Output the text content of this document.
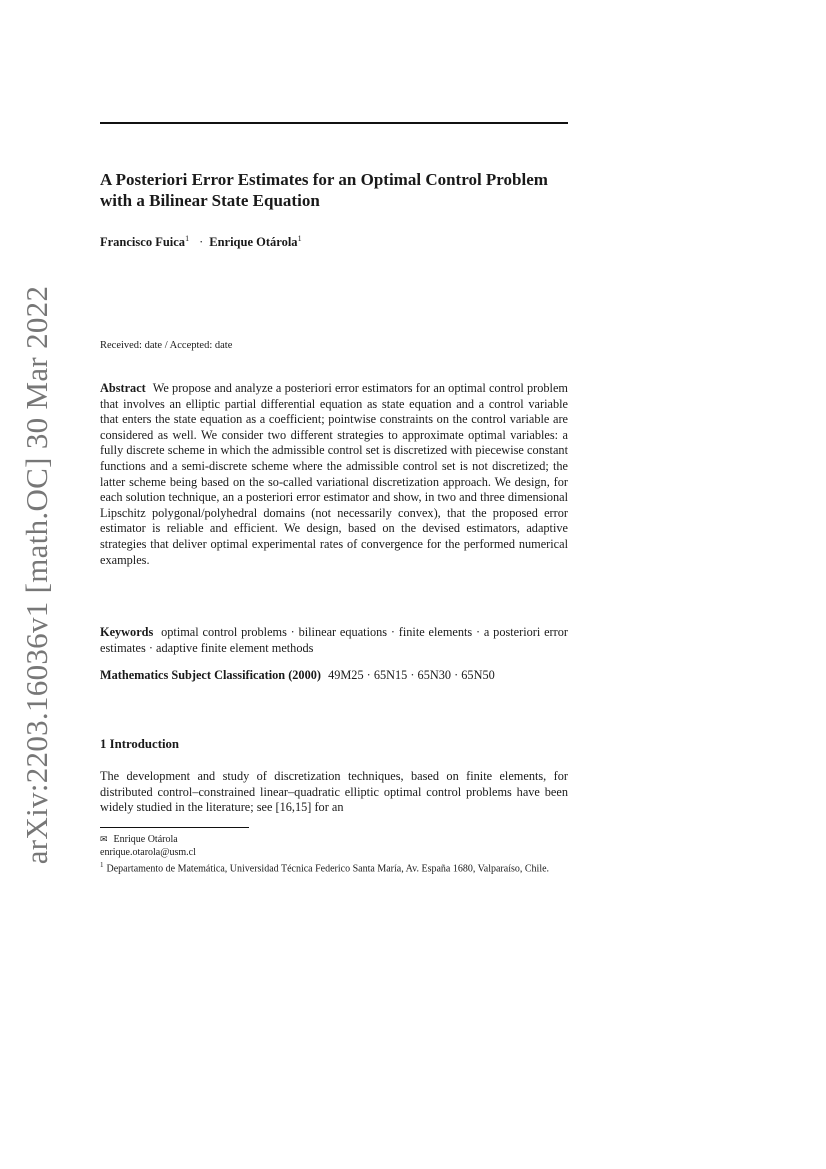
arXiv:2203.16036v1 [math.OC] 30 Mar 2022
A Posteriori Error Estimates for an Optimal Control Problem with a Bilinear State Equation
Francisco Fuica$^1$ · Enrique Otárola$^1$
Received: date / Accepted: date

Abstract We propose and analyze a posteriori error estimators for an optimal control problem that involves an elliptic partial differential equation as state equation and a control variable that enters the state equation as a coefficient; pointwise constraints on the control variable are considered as well. We consider two different strategies to approximate optimal variables: a fully discrete scheme in which the admissible control set is discretized with piecewise constant functions and a semi-discrete scheme where the admissible control set is not discretized; the latter scheme being based on the so-called variational discretization approach. We design, for each solution technique, an a posteriori error estimator and show, in two and three dimensional Lipschitz polygonal/polyhedral domains (not necessarily convex), that the proposed error estimator is reliable and efficient. We design, based on the devised estimators, adaptive strategies that deliver optimal experimental rates of convergence for the performed numerical examples.

Keywords optimal control problems · bilinear equations · finite elements · a posteriori error estimates · adaptive finite element methods

Mathematics Subject Classification (2000) 49M25 · 65N15 · 65N30 · 65N50

1 Introduction

The development and study of discretization techniques, based on finite elements, for distributed control–constrained linear–quadratic elliptic optimal control problems have been widely studied in the literature; see [16,15] for an

✉ Enrique Otárola
enrique.otarola@usm.cl
$^1$ Departamento de Matemática, Universidad Técnica Federico Santa María, Av. España 1680, Valparaíso, Chile.
